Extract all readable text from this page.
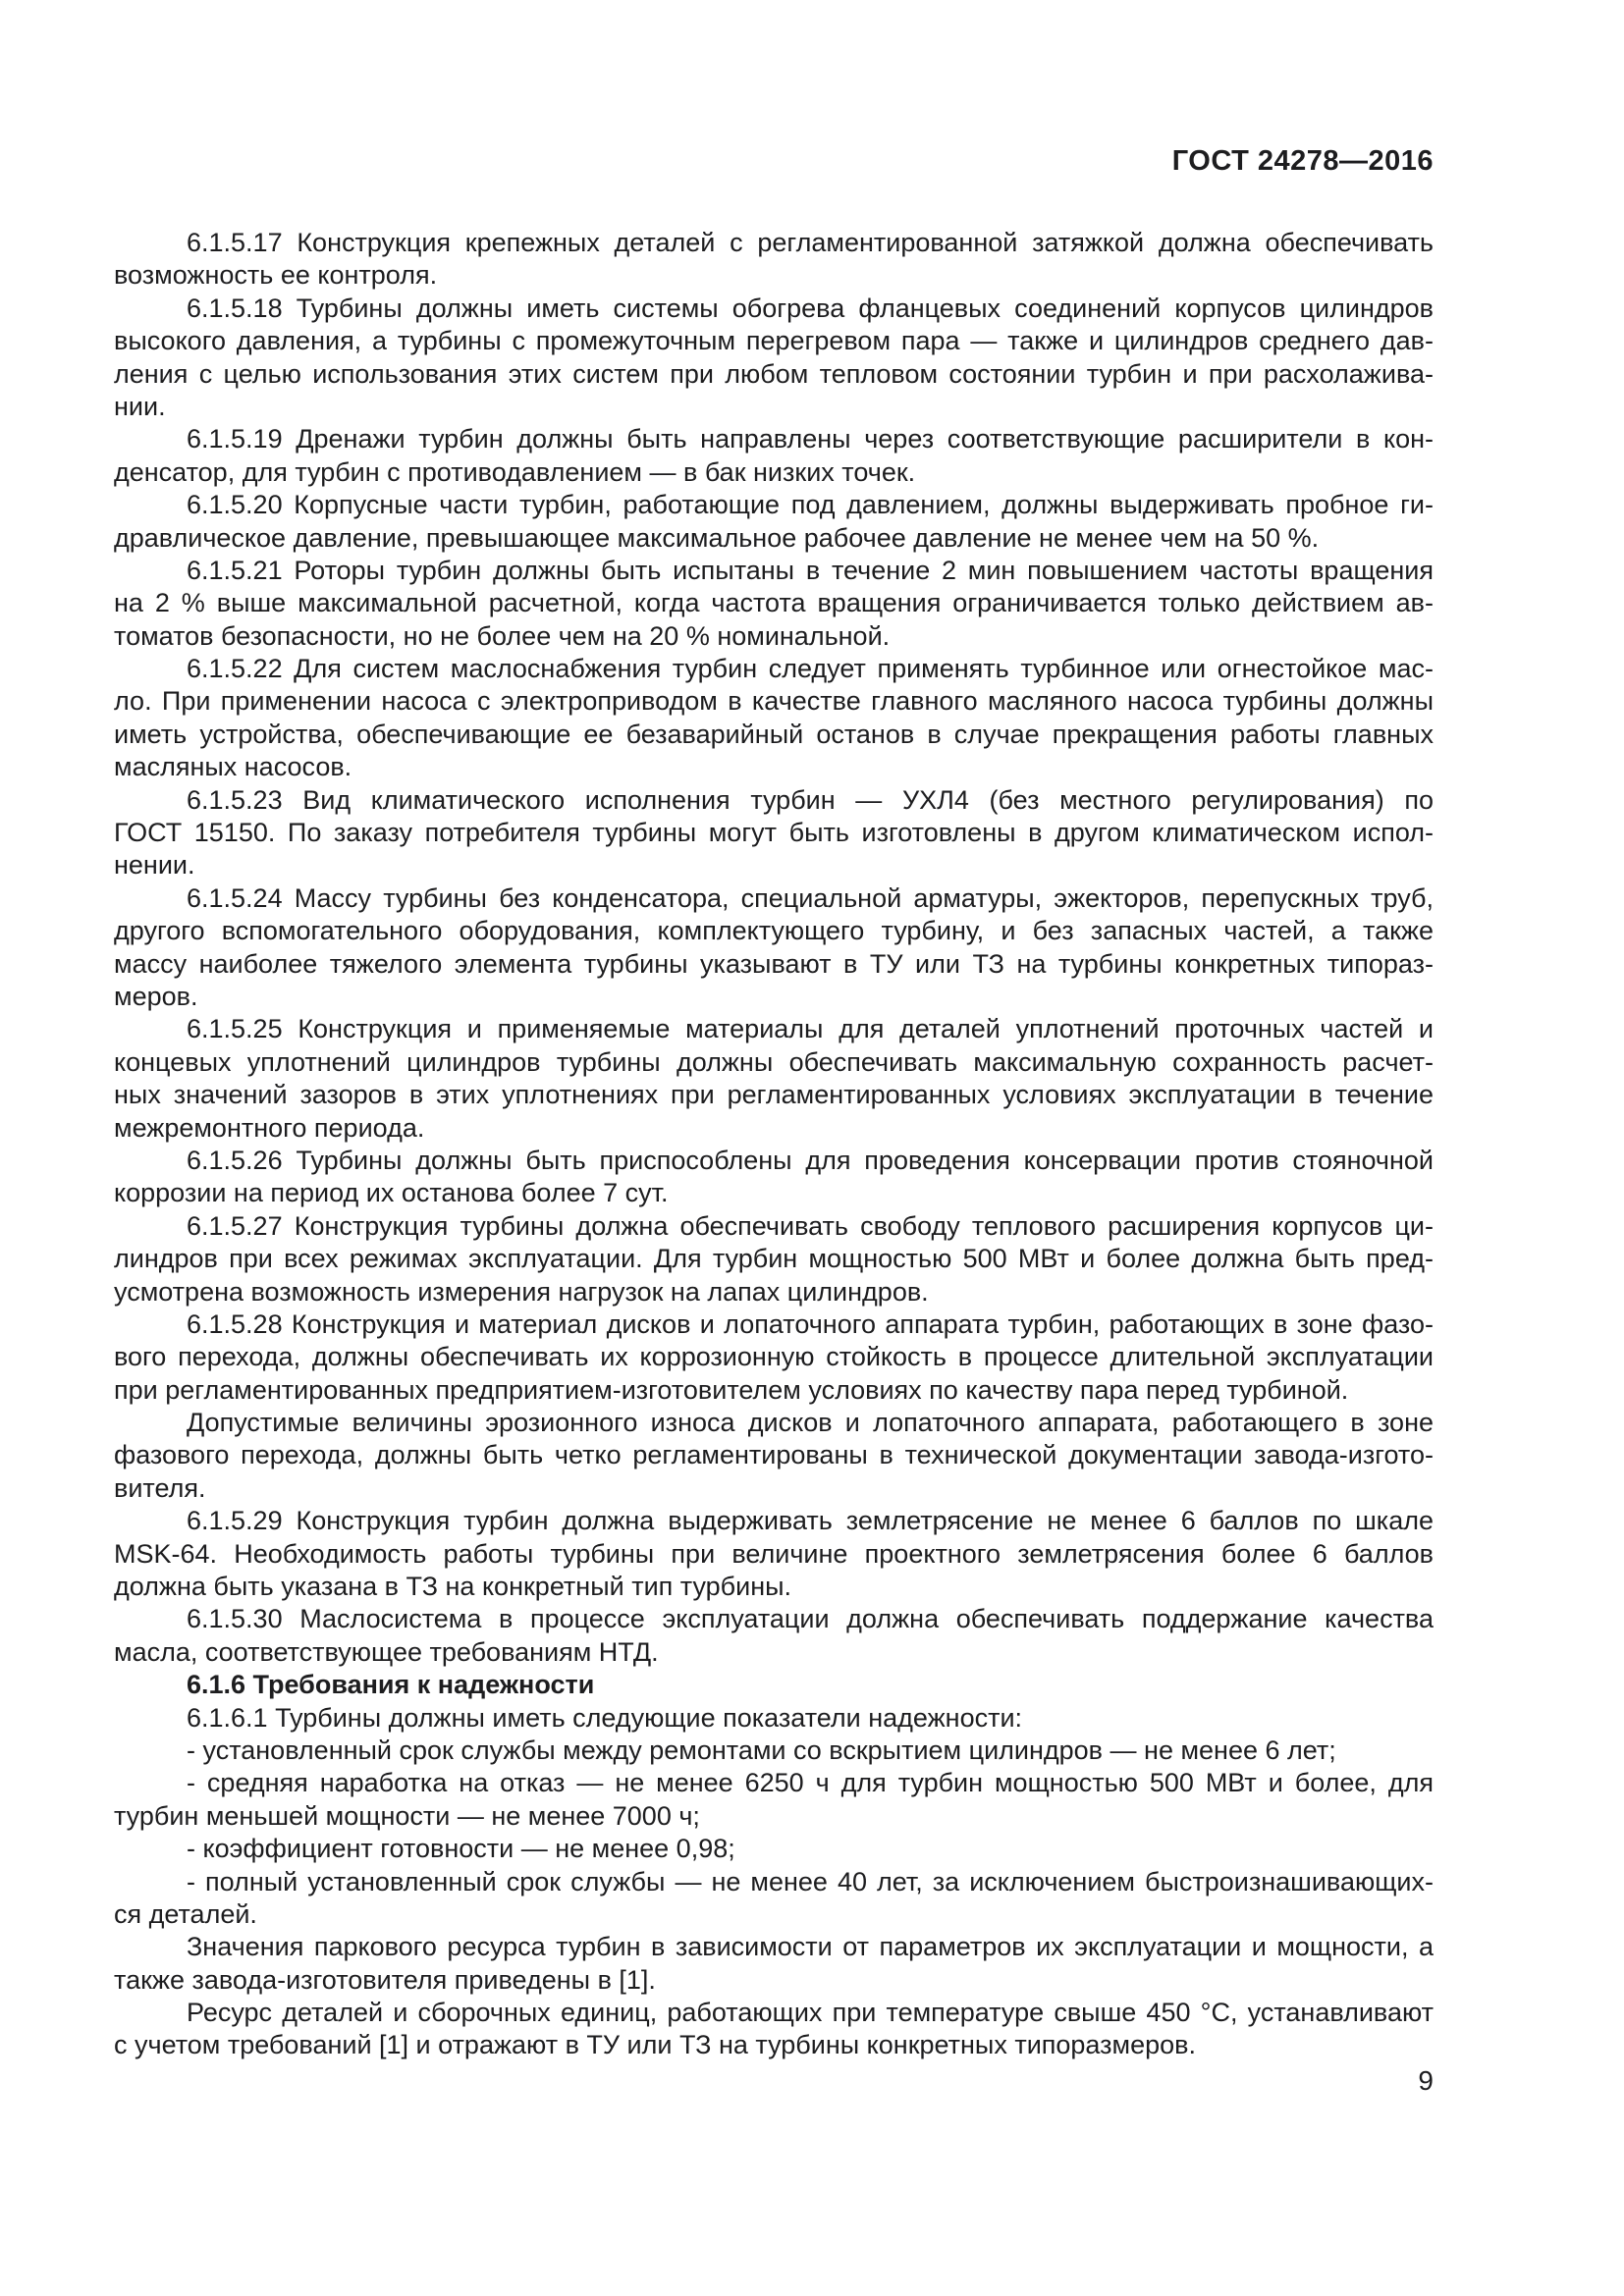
ГОСТ 24278—2016
6.1.5.17 Конструкция крепежных деталей с регламентированной затяжкой должна обеспечивать
возможность ее контроля.
6.1.5.18 Турбины должны иметь системы обогрева фланцевых соединений корпусов цилиндров
высокого давления, а турбины с промежуточным перегревом пара — также и цилиндров среднего дав-
ления с целью использования этих систем при любом тепловом состоянии турбин и при расхолажива-
нии.
6.1.5.19 Дренажи турбин должны быть направлены через соответствующие расширители в кон-
денсатор, для турбин с противодавлением — в бак низких точек.
6.1.5.20 Корпусные части турбин, работающие под давлением, должны выдерживать пробное ги-
дравлическое давление, превышающее максимальное рабочее давление не менее чем на 50 %.
6.1.5.21 Роторы турбин должны быть испытаны в течение 2 мин повышением частоты вращения
на 2 % выше максимальной расчетной, когда частота вращения ограничивается только действием ав-
томатов безопасности, но не более чем на 20 % номинальной.
6.1.5.22 Для систем маслоснабжения турбин следует применять турбинное или огнестойкое мас-
ло. При применении насоса с электроприводом в качестве главного масляного насоса турбины должны
иметь устройства, обеспечивающие ее безаварийный останов в случае прекращения работы главных
масляных насосов.
6.1.5.23 Вид климатического исполнения турбин — УХЛ4 (без местного регулирования) по
ГОСТ 15150. По заказу потребителя турбины могут быть изготовлены в другом климатическом испол-
нении.
6.1.5.24 Массу турбины без конденсатора, специальной арматуры, эжекторов, перепускных труб,
другого вспомогательного оборудования, комплектующего турбину, и без запасных частей, а также
массу наиболее тяжелого элемента турбины указывают в ТУ или ТЗ на турбины конкретных типораз-
меров.
6.1.5.25 Конструкция и применяемые материалы для деталей уплотнений проточных частей и
концевых уплотнений цилиндров турбины должны обеспечивать максимальную сохранность расчет-
ных значений зазоров в этих уплотнениях при регламентированных условиях эксплуатации в течение
межремонтного периода.
6.1.5.26 Турбины должны быть приспособлены для проведения консервации против стояночной
коррозии на период их останова более 7 сут.
6.1.5.27 Конструкция турбины должна обеспечивать свободу теплового расширения корпусов ци-
линдров при всех режимах эксплуатации. Для турбин мощностью 500 МВт и более должна быть пред-
усмотрена возможность измерения нагрузок на лапах цилиндров.
6.1.5.28 Конструкция и материал дисков и лопаточного аппарата турбин, работающих в зоне фазо-
вого перехода, должны обеспечивать их коррозионную стойкость в процессе длительной эксплуатации
при регламентированных предприятием-изготовителем условиях по качеству пара перед турбиной.
Допустимые величины эрозионного износа дисков и лопаточного аппарата, работающего в зоне
фазового перехода, должны быть четко регламентированы в технической документации завода-изгото-
вителя.
6.1.5.29 Конструкция турбин должна выдерживать землетрясение не менее 6 баллов по шкале
MSK-64. Необходимость работы турбины при величине проектного землетрясения более 6 баллов
должна быть указана в ТЗ на конкретный тип турбины.
6.1.5.30 Маслосистема в процессе эксплуатации должна обеспечивать поддержание качества
масла, соответствующее требованиям НТД.
6.1.6 Требования к надежности
6.1.6.1 Турбины должны иметь следующие показатели надежности:
- установленный срок службы между ремонтами со вскрытием цилиндров — не менее 6 лет;
- средняя наработка на отказ — не менее 6250 ч для турбин мощностью 500 МВт и более, для
турбин меньшей мощности — не менее 7000 ч;
- коэффициент готовности — не менее 0,98;
- полный установленный срок службы — не менее 40 лет, за исключением быстроизнашивающих-
ся деталей.
Значения паркового ресурса турбин в зависимости от параметров их эксплуатации и мощности, а
также завода-изготовителя приведены в [1].
Ресурс деталей и сборочных единиц, работающих при температуре свыше 450 °С, устанавливают
с учетом требований [1] и отражают в ТУ или ТЗ на турбины конкретных типоразмеров.
9
